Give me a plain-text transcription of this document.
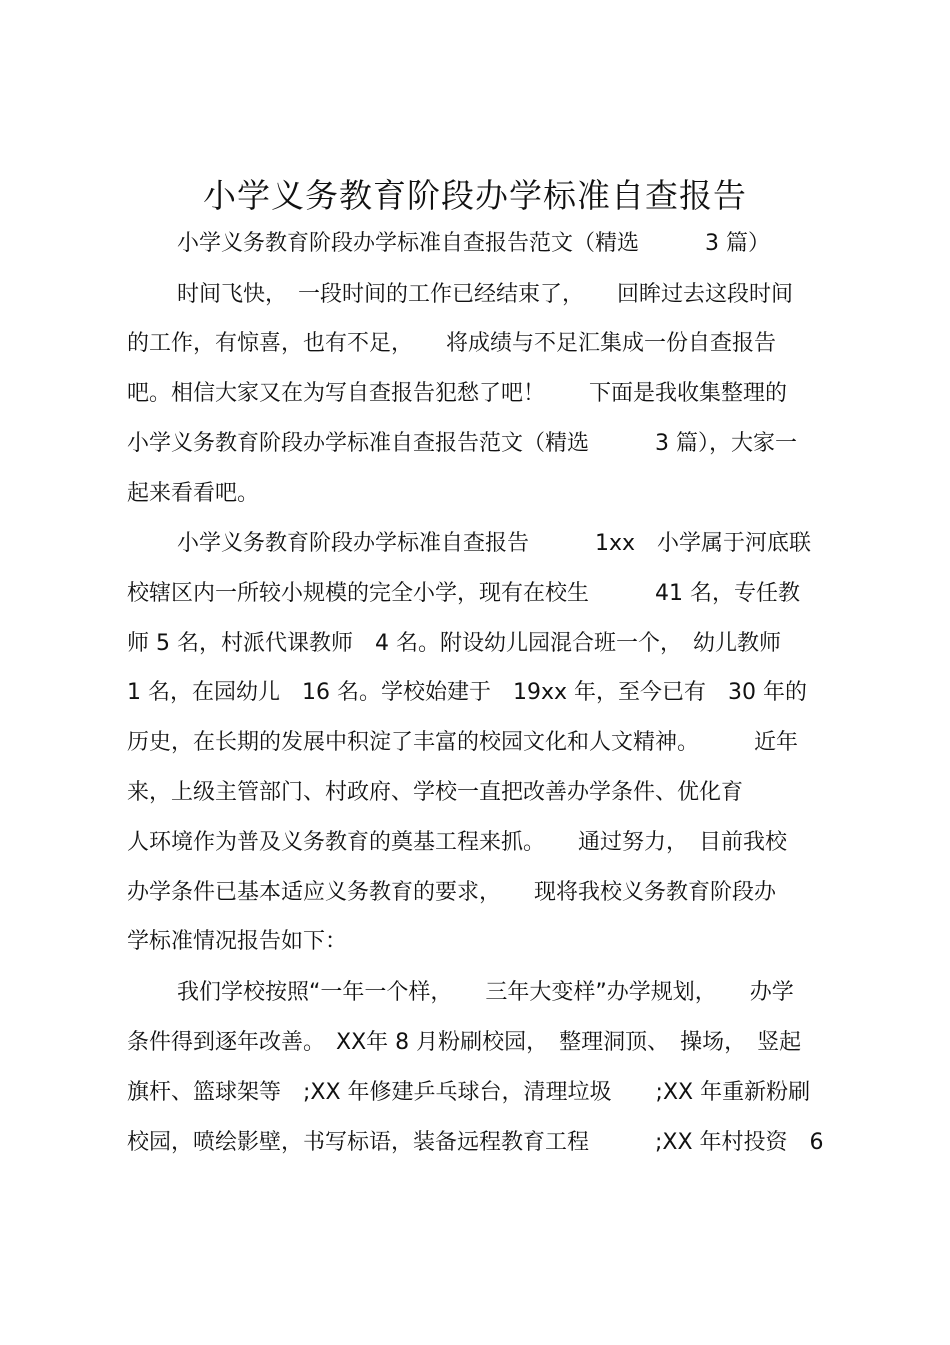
小学义务教育阶段办学标准自查报告

小学义务教育阶段办学标准自查报告范文（精选　　　3 篇）

时间飞快，　一段时间的工作已经结束了，　　回眸过去这段时间

的工作，有惊喜，也有不足，　　将成绩与不足汇集成一份自查报告

吧。相信大家又在为写自查报告犯愁了吧！　　下面是我收集整理的

小学义务教育阶段办学标准自查报告范文（精选　　　3 篇），大家一

起来看看吧。

小学义务教育阶段办学标准自查报告　　　1xx　小学属于河底联

校辖区内一所较小规模的完全小学，现有在校生　　　41 名，专任教

师 5 名，村派代课教师　4 名。附设幼儿园混合班一个，　幼儿教师

1 名，在园幼儿　16 名。学校始建于　19xx 年，至今已有　30 年的

历史，在长期的发展中积淀了丰富的校园文化和人文精神。　　　近年

来，上级主管部门、村政府、学校一直把改善办学条件、优化育

人环境作为普及义务教育的奠基工程来抓。　　通过努力，　目前我校

办学条件已基本适应义务教育的要求，　　现将我校义务教育阶段办

学标准情况报告如下：

我们学校按照“一年一个样，　　三年大变样”办学规划，　　办学

条件得到逐年改善。　XX年 8 月粉刷校园，　整理洞顶、　操场，　竖起

旗杆、篮球架等　;XX 年修建乒乓球台，清理垃圾　　;XX 年重新粉刷

校园，喷绘影壁，书写标语，装备远程教育工程　　　;XX 年村投资　6
